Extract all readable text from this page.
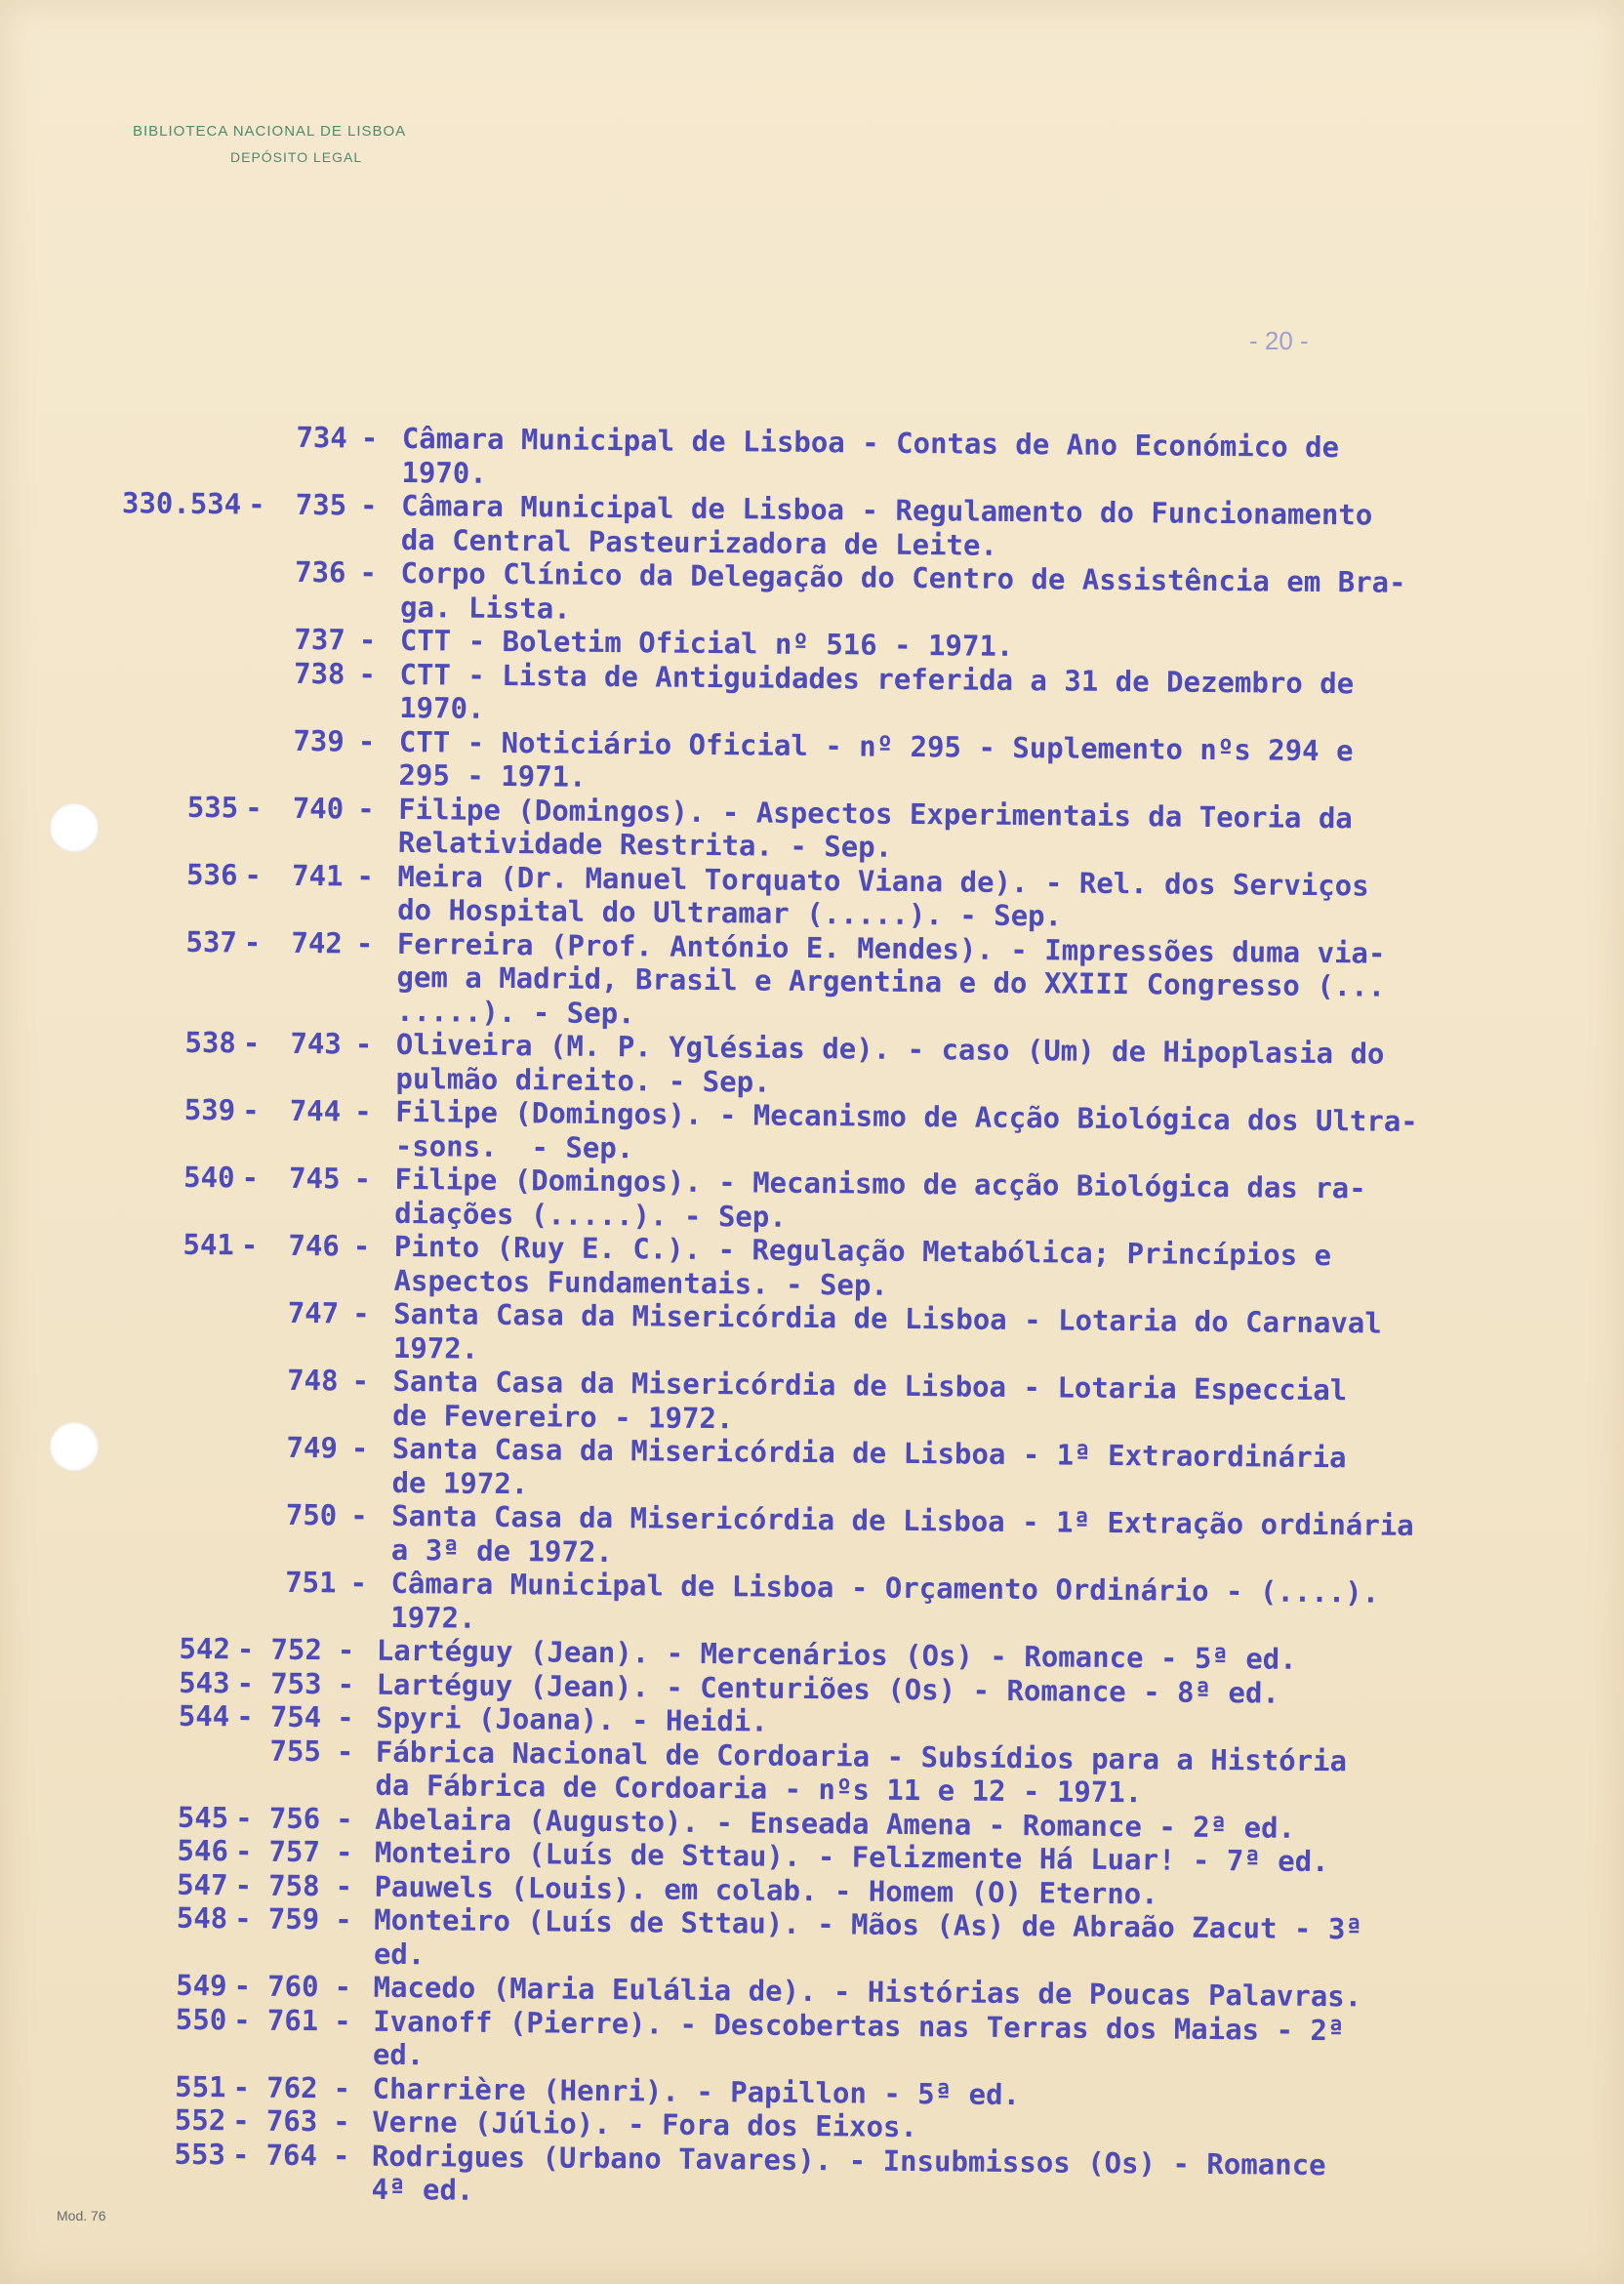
BIBLIOTECA NACIONAL DE LISBOA
DEPÓSITO LEGAL
- 20 -
734 - Câmara Municipal de Lisboa - Contas de Ano Económico de
1970.
330.534 - 735 - Câmara Municipal de Lisboa - Regulamento do Funcionamento
da Central Pasteurizadora de Leite.
736 - Corpo Clínico da Delegação do Centro de Assistência em Bra-
ga. Lista.
737 - CTT - Boletim Oficial nº 516 - 1971.
738 - CTT - Lista de Antiguidades referida a 31 de Dezembro de
1970.
739 - CTT - Noticiário Oficial - nº 295 - Suplemento nºs 294 e
295 - 1971.
535 - 740 - Filipe (Domingos). - Aspectos Experimentais da Teoria da
Relatividade Restrita. - Sep.
536 - 741 - Meira (Dr. Manuel Torquato Viana de). - Rel. dos Serviços
do Hospital do Ultramar (.....). - Sep.
537 - 742 - Ferreira (Prof. António E. Mendes). - Impressões duma via-
gem a Madrid, Brasil e Argentina e do XXIII Congresso (...
.....). - Sep.
538 - 743 - Oliveira (M. P. Yglésias de). - caso (Um) de Hipoplasia do
pulmão direito. - Sep.
539 - 744 - Filipe (Domingos). - Mecanismo de Acção Biológica dos Ultra-
-sons.  - Sep.
540 - 745 - Filipe (Domingos). - Mecanismo de acção Biológica das ra-
diações (.....). - Sep.
541 - 746 - Pinto (Ruy E. C.). - Regulação Metabólica; Princípios e
Aspectos Fundamentais. - Sep.
747 - Santa Casa da Misericórdia de Lisboa - Lotaria do Carnaval
1972.
748 - Santa Casa da Misericórdia de Lisboa - Lotaria Especcial
de Fevereiro - 1972.
749 - Santa Casa da Misericórdia de Lisboa - 1ª Extraordinária
de 1972.
750 - Santa Casa da Misericórdia de Lisboa - 1ª Extração ordinária
a 3ª de 1972.
751 - Câmara Municipal de Lisboa - Orçamento Ordinário - (....).
1972.
542 - 752 - Lartéguy (Jean). - Mercenários (Os) - Romance - 5ª ed.
543 - 753 - Lartéguy (Jean). - Centuriões (Os) - Romance - 8ª ed.
544 - 754 - Spyri (Joana). - Heidi.
755 - Fábrica Nacional de Cordoaria - Subsídios para a História
da Fábrica de Cordoaria - nºs 11 e 12 - 1971.
545 - 756 - Abelaira (Augusto). - Enseada Amena - Romance - 2ª ed.
546 - 757 - Monteiro (Luís de Sttau). - Felizmente Há Luar! - 7ª ed.
547 - 758 - Pauwels (Louis). em colab. - Homem (O) Eterno.
548 - 759 - Monteiro (Luís de Sttau). - Mãos (As) de Abraão Zacut - 3ª
ed.
549 - 760 - Macedo (Maria Eulália de). - Histórias de Poucas Palavras.
550 - 761 - Ivanoff (Pierre). - Descobertas nas Terras dos Maias - 2ª
ed.
551 - 762 - Charrière (Henri). - Papillon - 5ª ed.
552 - 763 - Verne (Júlio). - Fora dos Eixos.
553 - 764 - Rodrigues (Urbano Tavares). - Insubmissos (Os) - Romance
4ª ed.
Mod. 76
